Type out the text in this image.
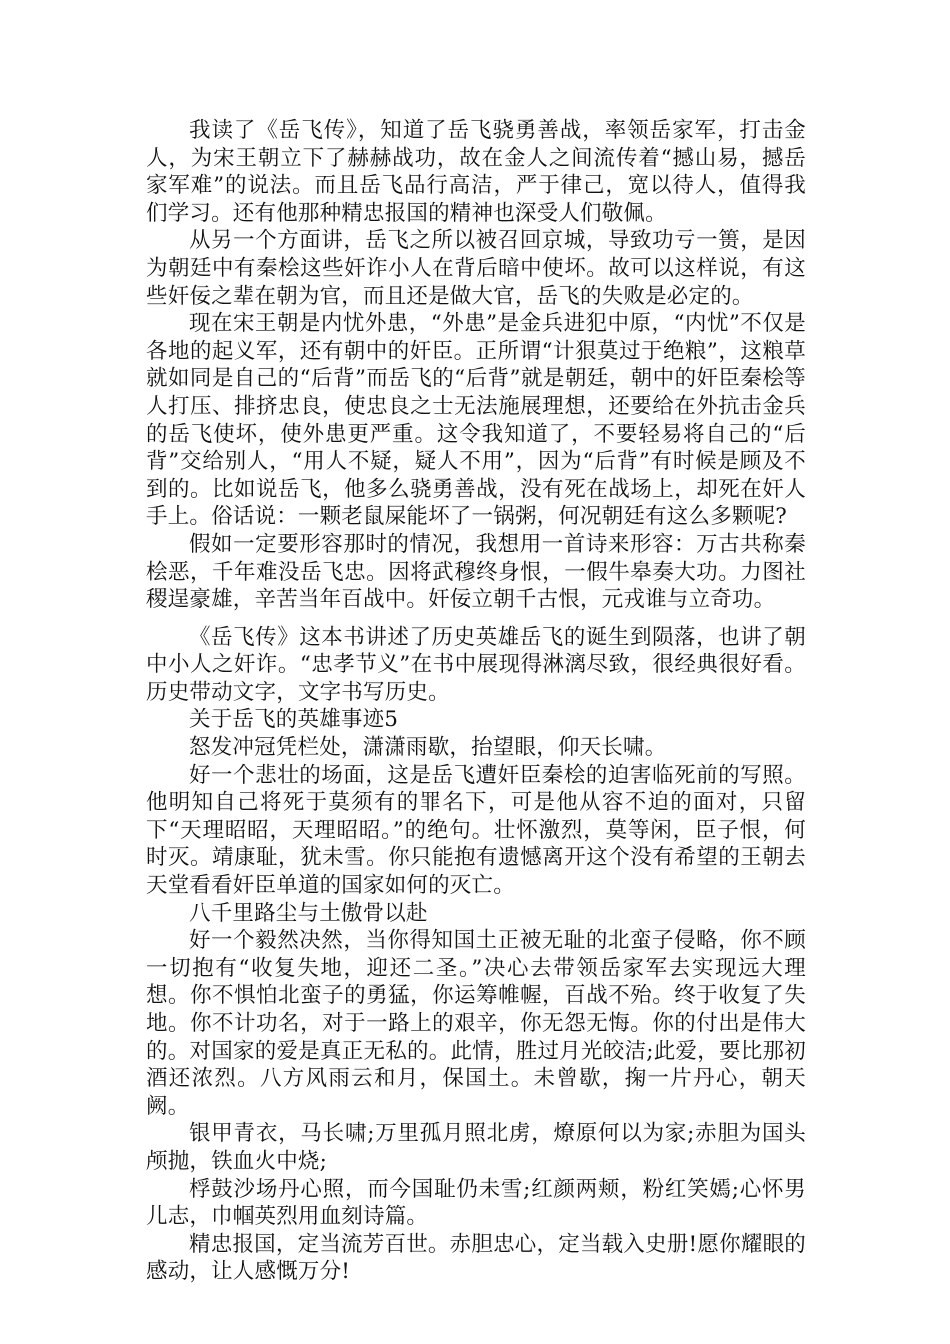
我读了《岳飞传》，知道了岳飞骁勇善战，率领岳家军，打击金人，为宋王朝立下了赫赫战功，故在金人之间流传着“撼山易，撼岳家军难”的说法。而且岳飞品行高洁，严于律己，宽以待人，值得我们学习。还有他那种精忠报国的精神也深受人们敬佩。

从另一个方面讲，岳飞之所以被召回京城，导致功亏一篑，是因为朝廷中有秦桧这些奸诈小人在背后暗中使坏。故可以这样说，有这些奸佞之辈在朝为官，而且还是做大官，岳飞的失败是必定的。

现在宋王朝是内忧外患，“外患”是金兵进犯中原，“内忧”不仅是各地的起义军，还有朝中的奸臣。正所谓“计狠莫过于绝粮”，这粮草就如同是自己的“后背”而岳飞的“后背”就是朝廷，朝中的奸臣秦桧等人打压、排挤忠良，使忠良之士无法施展理想，还要给在外抗击金兵的岳飞使坏，使外患更严重。这令我知道了，不要轻易将自己的“后背”交给别人，“用人不疑，疑人不用”，因为“后背”有时候是顾及不到的。比如说岳飞，他多么骁勇善战，没有死在战场上，却死在奸人手上。俗话说：一颗老鼠屎能坏了一锅粥，何况朝廷有这么多颗呢?

假如一定要形容那时的情况，我想用一首诗来形容：万古共称秦桧恶，千年难没岳飞忠。因将武穆终身恨，一假牛皋奏大功。力图社稷逞豪雄，辛苦当年百战中。奸佞立朝千古恨，元戎谁与立奇功。

《岳飞传》这本书讲述了历史英雄岳飞的诞生到陨落，也讲了朝中小人之奸诈。“忠孝节义”在书中展现得淋漓尽致，很经典很好看。历史带动文字，文字书写历史。

关于岳飞的英雄事迹5

怒发冲冠凭栏处，潇潇雨歇，抬望眼，仰天长啸。

好一个悲壮的场面，这是岳飞遭奸臣秦桧的迫害临死前的写照。他明知自己将死于莫须有的罪名下，可是他从容不迫的面对，只留下“天理昭昭，天理昭昭。”的绝句。壮怀激烈，莫等闲，臣子恨，何时灭。靖康耻，犹未雪。你只能抱有遗憾离开这个没有希望的王朝去天堂看看奸臣单道的国家如何的灭亡。

八千里路尘与土傲骨以赴

好一个毅然决然，当你得知国土正被无耻的北蛮子侵略，你不顾一切抱有“收复失地，迎还二圣。”决心去带领岳家军去实现远大理想。你不惧怕北蛮子的勇猛，你运筹帷幄，百战不殆。终于收复了失地。你不计功名，对于一路上的艰辛，你无怨无悔。你的付出是伟大的。对国家的爱是真正无私的。此情，胜过月光皎洁;此爱，要比那初酒还浓烈。八方风雨云和月，保国土。未曾歇，掬一片丹心，朝天阙。

银甲青衣，马长啸;万里孤月照北虏，燎原何以为家;赤胆为国头颅抛，铁血火中烧;

桴鼓沙场丹心照，而今国耻仍未雪;红颜两颊，粉红笑嫣;心怀男儿志，巾帼英烈用血刻诗篇。

精忠报国，定当流芳百世。赤胆忠心，定当载入史册!愿你耀眼的感动，让人感慨万分!
